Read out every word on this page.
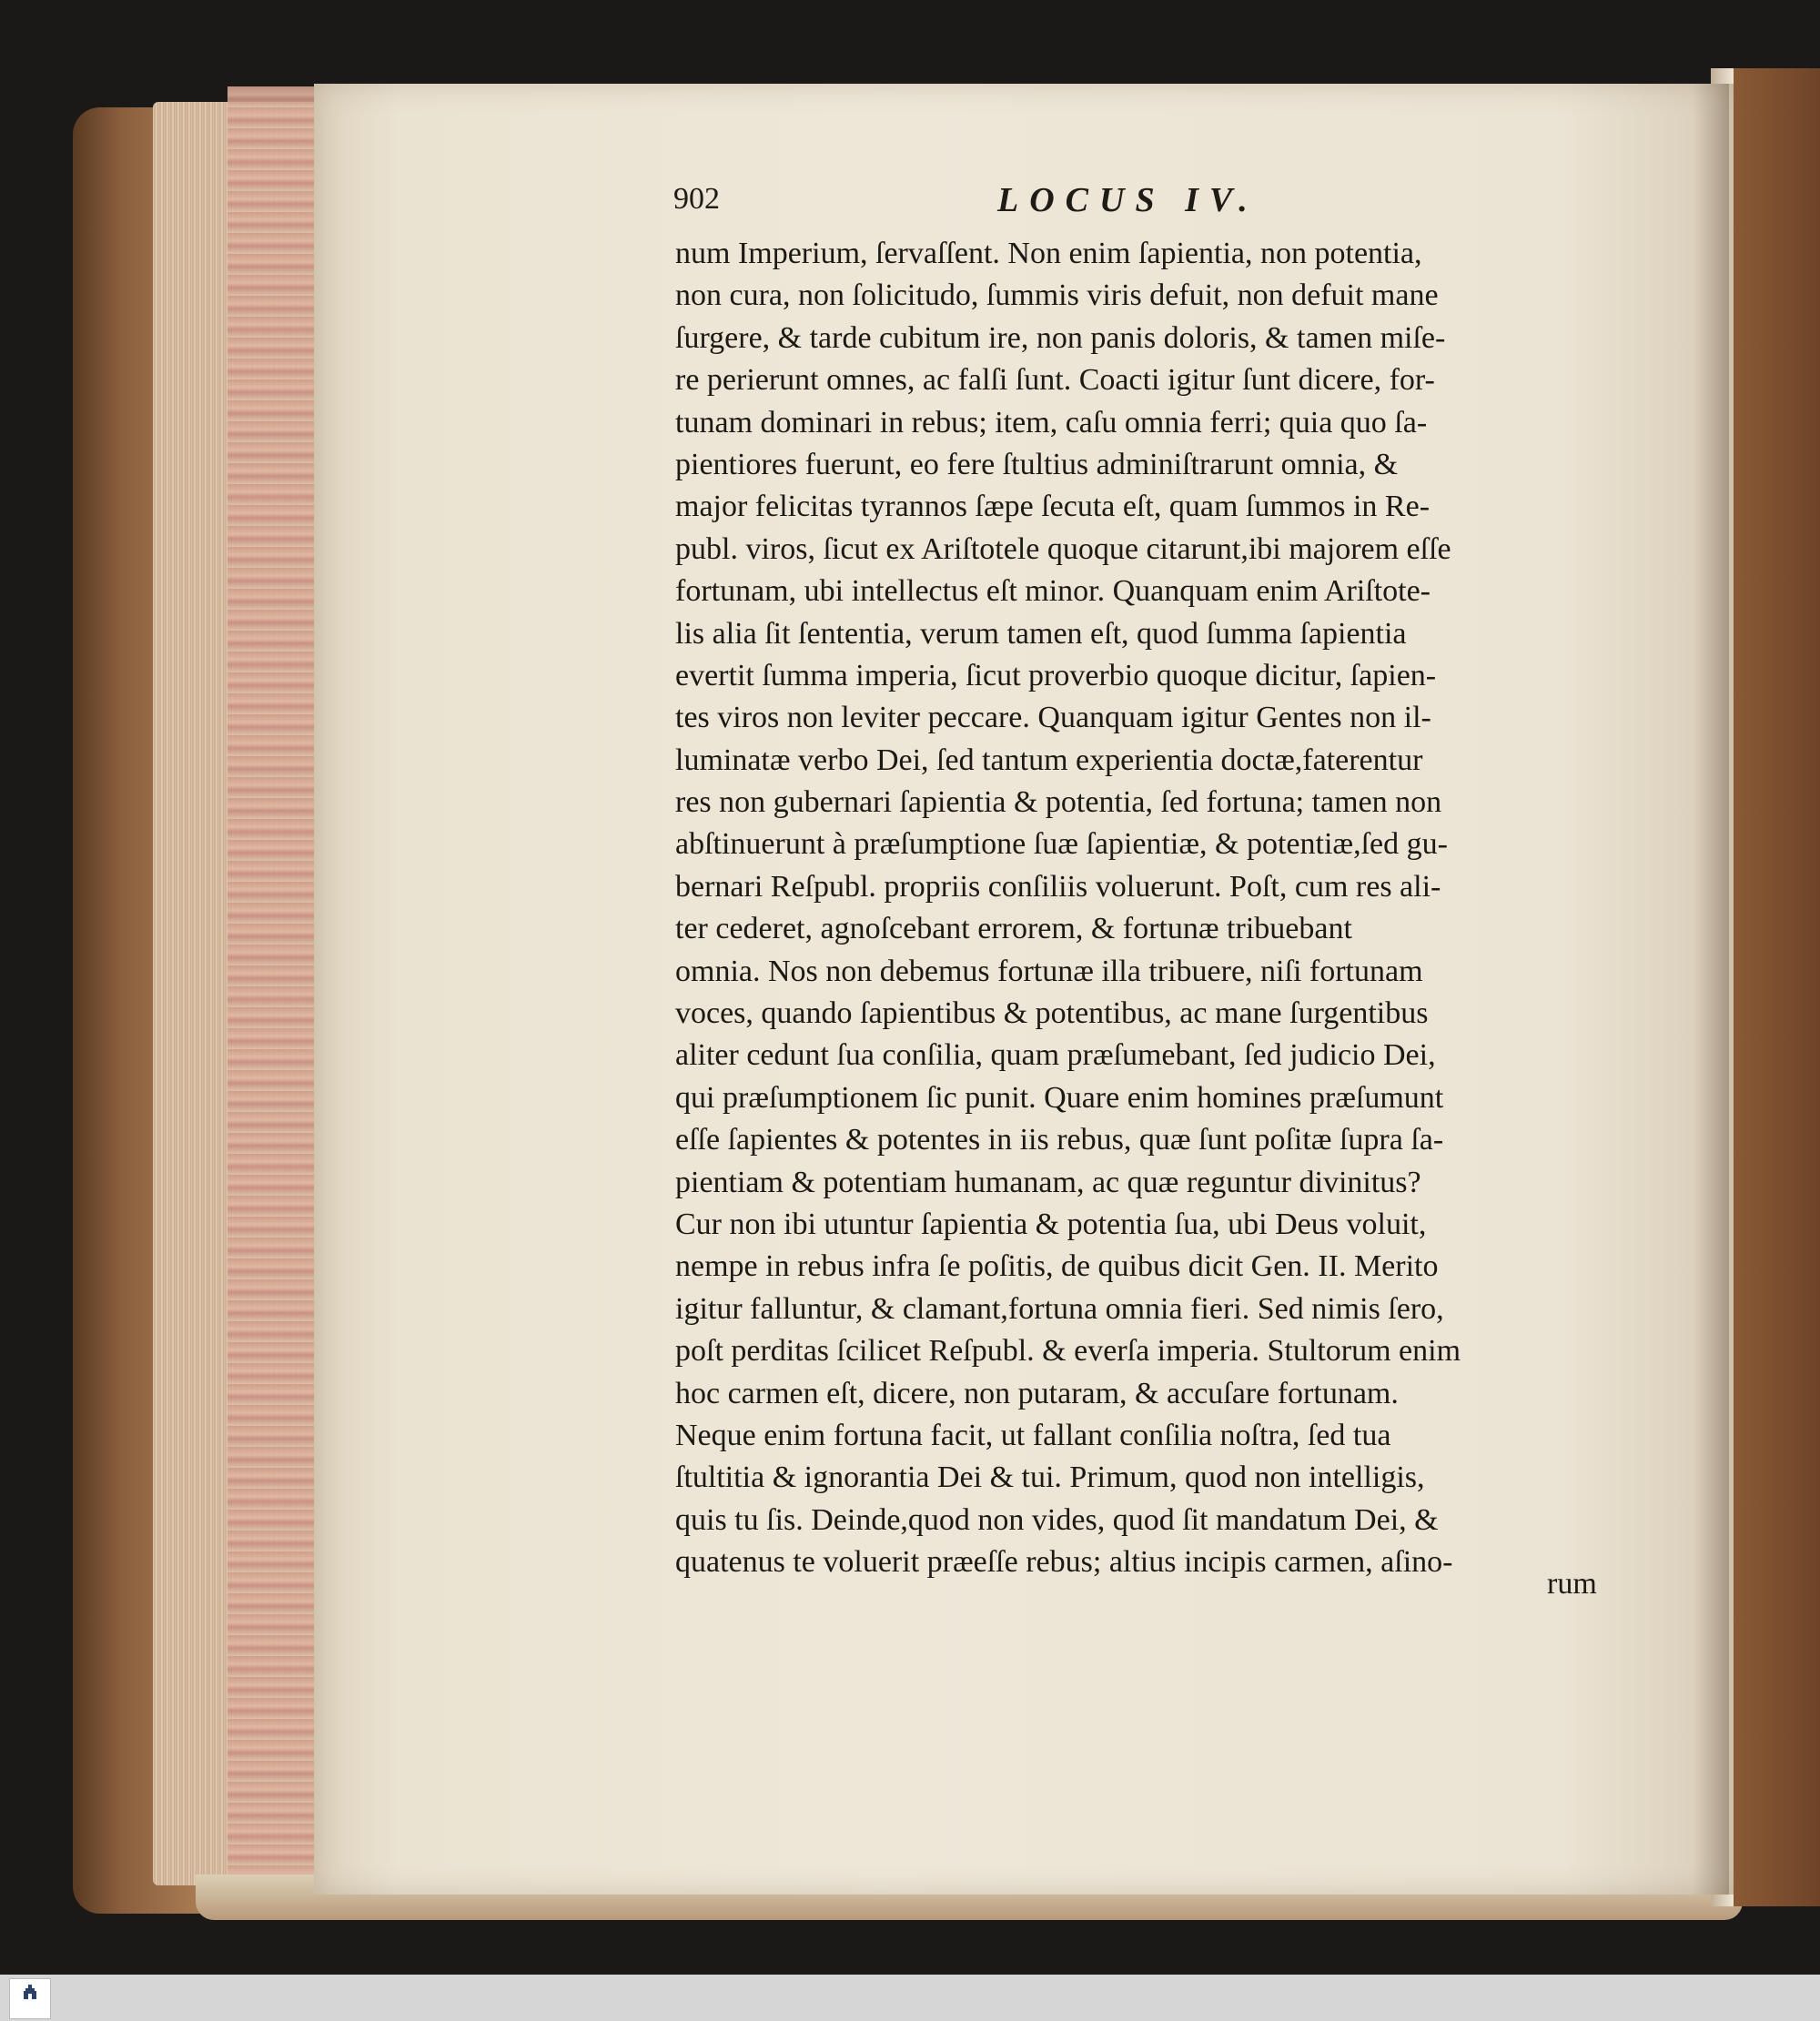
902	LOCUS IV.
num Imperium, ſervaſſent. Non enim ſapientia, non potentia,
non cura, non ſolicitudo, ſummis viris defuit, non defuit mane
ſurgere, & tarde cubitum ire, non panis doloris, & tamen miſe-
re perierunt omnes, ac falſi ſunt. Coacti igitur ſunt dicere, for-
tunam dominari in rebus; item, caſu omnia ferri; quia quo ſa-
pientiores fuerunt, eo fere ſtultius adminiſtrarunt omnia, &
major felicitas tyrannos ſæpe ſecuta eſt, quam ſummos in Re-
publ. viros, ſicut ex Ariſtotele quoque citarunt,ibi majorem eſſe
fortunam, ubi intellectus eſt minor. Quanquam enim Ariſtote-
lis alia ſit ſententia, verum tamen eſt, quod ſumma ſapientia
evertit ſumma imperia, ſicut proverbio quoque dicitur, ſapien-
tes viros non leviter peccare. Quanquam igitur Gentes non il-
luminatæ verbo Dei, ſed tantum experientia doctæ,faterentur
res non gubernari ſapientia & potentia, ſed fortuna; tamen non
abſtinuerunt à præſumptione ſuæ ſapientiæ, & potentiæ,ſed gu-
bernari Reſpubl. propriis conſiliis voluerunt. Poſt, cum res ali-
ter cederet, agnoſcebant errorem, & fortunæ tribuebant
omnia. Nos non debemus fortunæ illa tribuere, niſi fortunam
voces, quando ſapientibus & potentibus, ac mane ſurgentibus
aliter cedunt ſua conſilia, quam præſumebant, ſed judicio Dei,
qui præſumptionem ſic punit. Quare enim homines præſumunt
eſſe ſapientes & potentes in iis rebus, quæ ſunt poſitæ ſupra ſa-
pientiam & potentiam humanam, ac quæ reguntur divinitus?
Cur non ibi utuntur ſapientia & potentia ſua, ubi Deus voluit,
nempe in rebus infra ſe poſitis, de quibus dicit Gen. II. Merito
igitur falluntur, & clamant,fortuna omnia fieri. Sed nimis ſero,
poſt perditas ſcilicet Reſpubl. & everſa imperia. Stultorum enim
hoc carmen eſt, dicere, non putaram, & accuſare fortunam.
Neque enim fortuna facit, ut fallant conſilia noſtra, ſed tua
ſtultitia & ignorantia Dei & tui. Primum, quod non intelligis,
quis tu ſis. Deinde,quod non vides, quod ſit mandatum Dei, &
quatenus te voluerit præeſſe rebus; altius incipis carmen, aſino-
rum
